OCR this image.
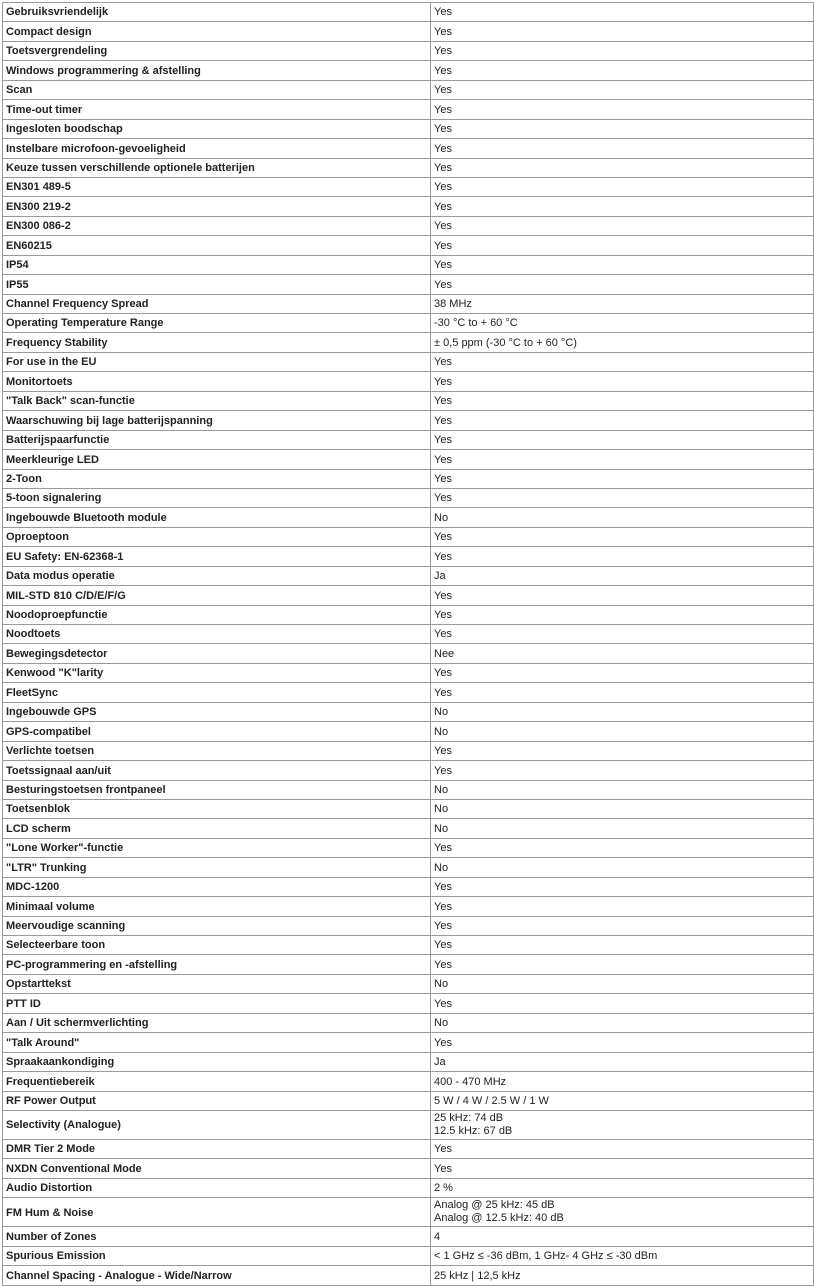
Gebruiksvriendelijk	Yes
Compact design	Yes
Toetsvergrendeling	Yes
Windows programmering & afstelling	Yes
Scan	Yes
Time-out timer	Yes
Ingesloten boodschap	Yes
Instelbare microfoon-gevoeligheid	Yes
Keuze tussen verschillende optionele batterijen	Yes
EN301 489-5	Yes
EN300 219-2	Yes
EN300 086-2	Yes
EN60215	Yes
IP54	Yes
IP55	Yes
Channel Frequency Spread	38 MHz
Operating Temperature Range	-30 °C to + 60 °C
Frequency Stability	± 0,5 ppm (-30 °C to + 60 °C)
For use in the EU	Yes
Monitortoets	Yes
"Talk Back" scan-functie	Yes
Waarschuwing bij lage batterijspanning	Yes
Batterijspaarfunctie	Yes
Meerkleurige LED	Yes
2-Toon	Yes
5-toon signalering	Yes
Ingebouwde Bluetooth module	No
Oproeptoon	Yes
EU Safety: EN-62368-1	Yes
Data modus operatie	Ja
MIL-STD 810 C/D/E/F/G	Yes
Noodoproepfunctie	Yes
Noodtoets	Yes
Bewegingsdetector	Nee
Kenwood "K"larity	Yes
FleetSync	Yes
Ingebouwde GPS	No
GPS-compatibel	No
Verlichte toetsen	Yes
Toetssignaal aan/uit	Yes
Besturingstoetsen frontpaneel	No
Toetsenblok	No
LCD scherm	No
"Lone Worker"-functie	Yes
"LTR" Trunking	No
MDC-1200	Yes
Minimaal volume	Yes
Meervoudige scanning	Yes
Selecteerbare toon	Yes
PC-programmering en -afstelling	Yes
Opstarttekst	No
PTT ID	Yes
Aan / Uit schermverlichting	No
"Talk Around"	Yes
Spraakaankondiging	Ja
Frequentiebereik	400 - 470 MHz
RF Power Output	5 W / 4 W / 2.5 W / 1 W
Selectivity (Analogue)	25 kHz: 74 dB
12.5 kHz: 67 dB

DMR Tier 2 Mode	Yes
NXDN Conventional Mode	Yes
Audio Distortion	2 %
FM Hum & Noise	Analog @ 25 kHz: 45 dB
Analog @ 12.5 kHz: 40 dB

Number of Zones	4
Spurious Emission	< 1 GHz ≤ -36 dBm, 1 GHz- 4 GHz ≤ -30 dBm
Channel Spacing - Analogue - Wide/Narrow	25 kHz | 12,5 kHz
